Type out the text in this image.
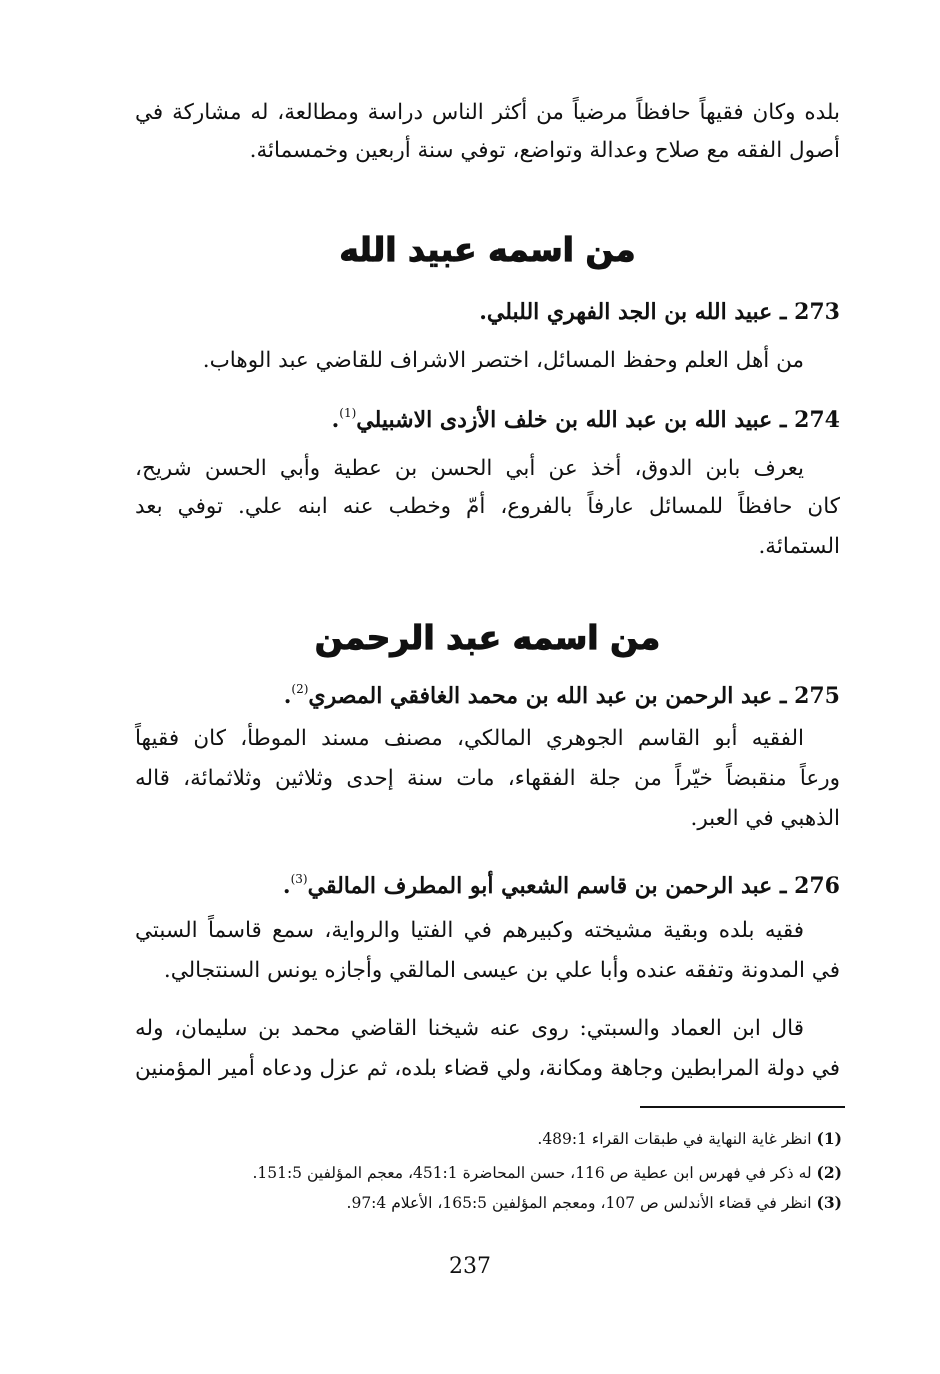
بلده وكان فقيهاً حافظاً مرضياً من أكثر الناس دراسة ومطالعة، له مشاركة في
أصول الفقه مع صلاح وعدالة وتواضع، توفي سنة أربعين وخمسمائة.
من اسمه عبيد الله
273 ـ عبيد الله بن الجد الفهري اللبلي.
من أهل العلم وحفظ المسائل، اختصر الاشراف للقاضي عبد الوهاب.
274 ـ عبيد الله بن عبد الله بن خلف الأزدى الاشبيلي$^{(1)}$.
يعرف بابن الدوق، أخذ عن أبي الحسن بن عطية وأبي الحسن شريح،
كان حافظاً للمسائل عارفاً بالفروع، أمّ وخطب عنه ابنه علي. توفي بعد
الستمائة.
من اسمه عبد الرحمن
275 ـ عبد الرحمن بن عبد الله بن محمد الغافقي المصري$^{(2)}$.
الفقيه أبو القاسم الجوهري المالكي، مصنف مسند الموطأ، كان فقيهاً
ورعاً منقبضاً خيّراً من جلة الفقهاء، مات سنة إحدى وثلاثين وثلاثمائة، قاله
الذهبي في العبر.
276 ـ عبد الرحمن بن قاسم الشعبي أبو المطرف المالقي$^{(3)}$.
فقيه بلده وبقية مشيخته وكبيرهم في الفتيا والرواية، سمع قاسماً السبتي
في المدونة وتفقه عنده وأبا علي بن عيسى المالقي وأجازه يونس السنتجالي.
قال ابن العماد والسبتي: روى عنه شيخنا القاضي محمد بن سليمان، وله
في دولة المرابطين وجاهة ومكانة، ولي قضاء بلده، ثم عزل ودعاه أمير المؤمنين
(1) انظر غاية النهاية في طبقات القراء 489:1.
(2) له ذكر في فهرس ابن عطية ص 116، حسن المحاضرة 451:1، معجم المؤلفين 151:5.
(3) انظر في قضاء الأندلس ص 107، ومعجم المؤلفين 165:5، الأعلام 97:4.
237
